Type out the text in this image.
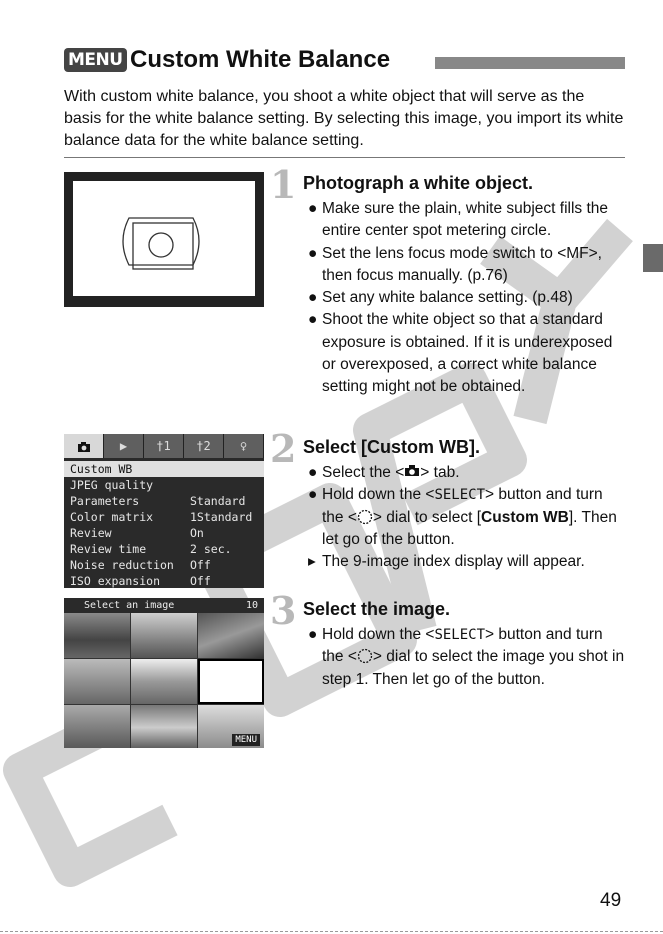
MENU Custom White Balance
With custom white balance, you shoot a white object that will serve as the basis for the white balance setting. By selecting this image, you import its white balance data for the white balance setting.
1 Photograph a white object.
● Make sure the plain, white subject fills the entire center spot metering circle.
● Set the lens focus mode switch to <MF>, then focus manually. (p.76)
● Set any white balance setting. (p.48)
● Shoot the white object so that a standard exposure is obtained. If it is underexposed or overexposed, a correct white balance setting might not be obtained.
▶	†1	†2	♀
Custom WB
JPEG quality
Parameters	Standard
Color matrix	1Standard
Review	On
Review time	2 sec.
Noise reduction Off
ISO expansion	Off
2 Select [Custom WB].
● Select the < > tab.
● Hold down the <SELECT> button and turn the < > dial to select [Custom WB]. Then let go of the button.
▸ The 9-image index display will appear.
Select an image	10
MENU
3 Select the image.
● Hold down the <SELECT> button and turn the < > dial to select the image you shot in step 1. Then let go of the button.
49
